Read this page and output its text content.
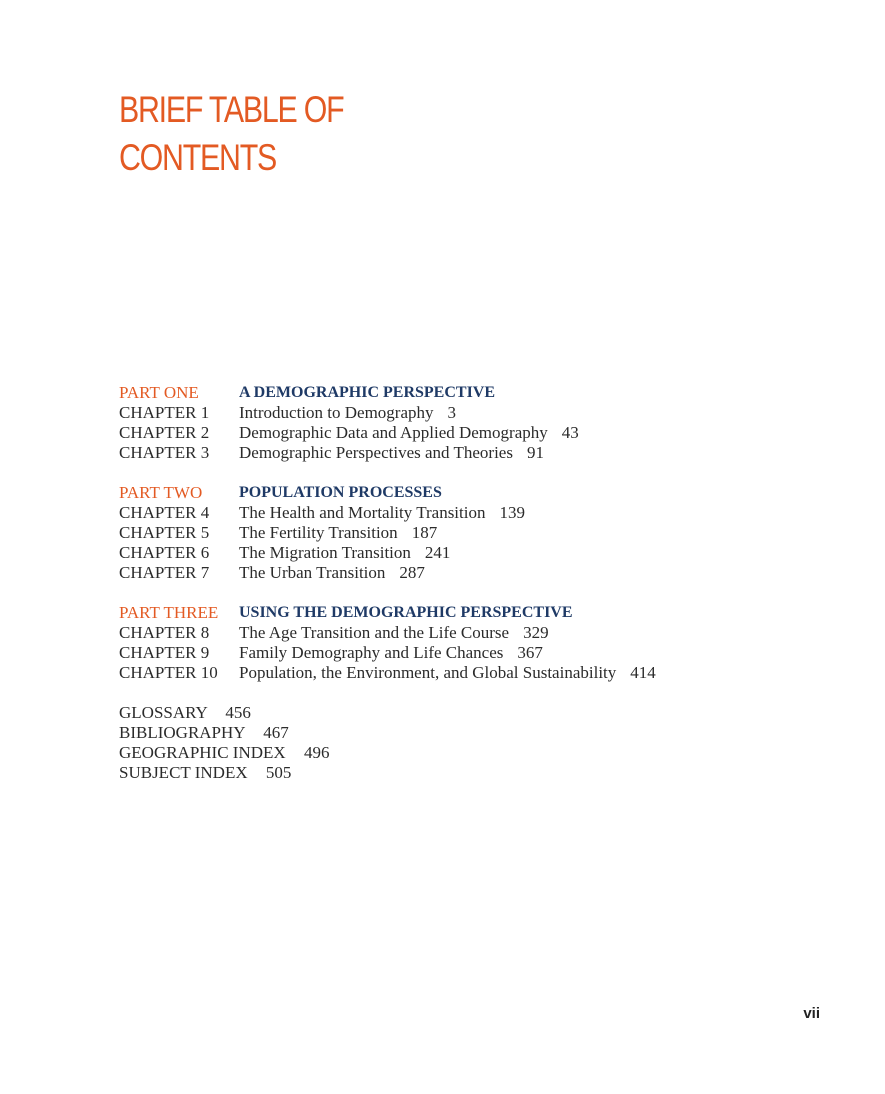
BRIEF TABLE OF
CONTENTS
PART ONE	A DEMOGRAPHIC PERSPECTIVE
CHAPTER 1	Introduction to Demography 3
CHAPTER 2	Demographic Data and Applied Demography 43
CHAPTER 3	Demographic Perspectives and Theories 91
PART TWO	POPULATION PROCESSES
CHAPTER 4	The Health and Mortality Transition 139
CHAPTER 5	The Fertility Transition 187
CHAPTER 6	The Migration Transition 241
CHAPTER 7	The Urban Transition 287
PART THREE	USING THE DEMOGRAPHIC PERSPECTIVE
CHAPTER 8	The Age Transition and the Life Course 329
CHAPTER 9	Family Demography and Life Chances 367
CHAPTER 10	Population, the Environment, and Global Sustainability 414
GLOSSARY 456
BIBLIOGRAPHY 467
GEOGRAPHIC INDEX 496
SUBJECT INDEX 505
vii
